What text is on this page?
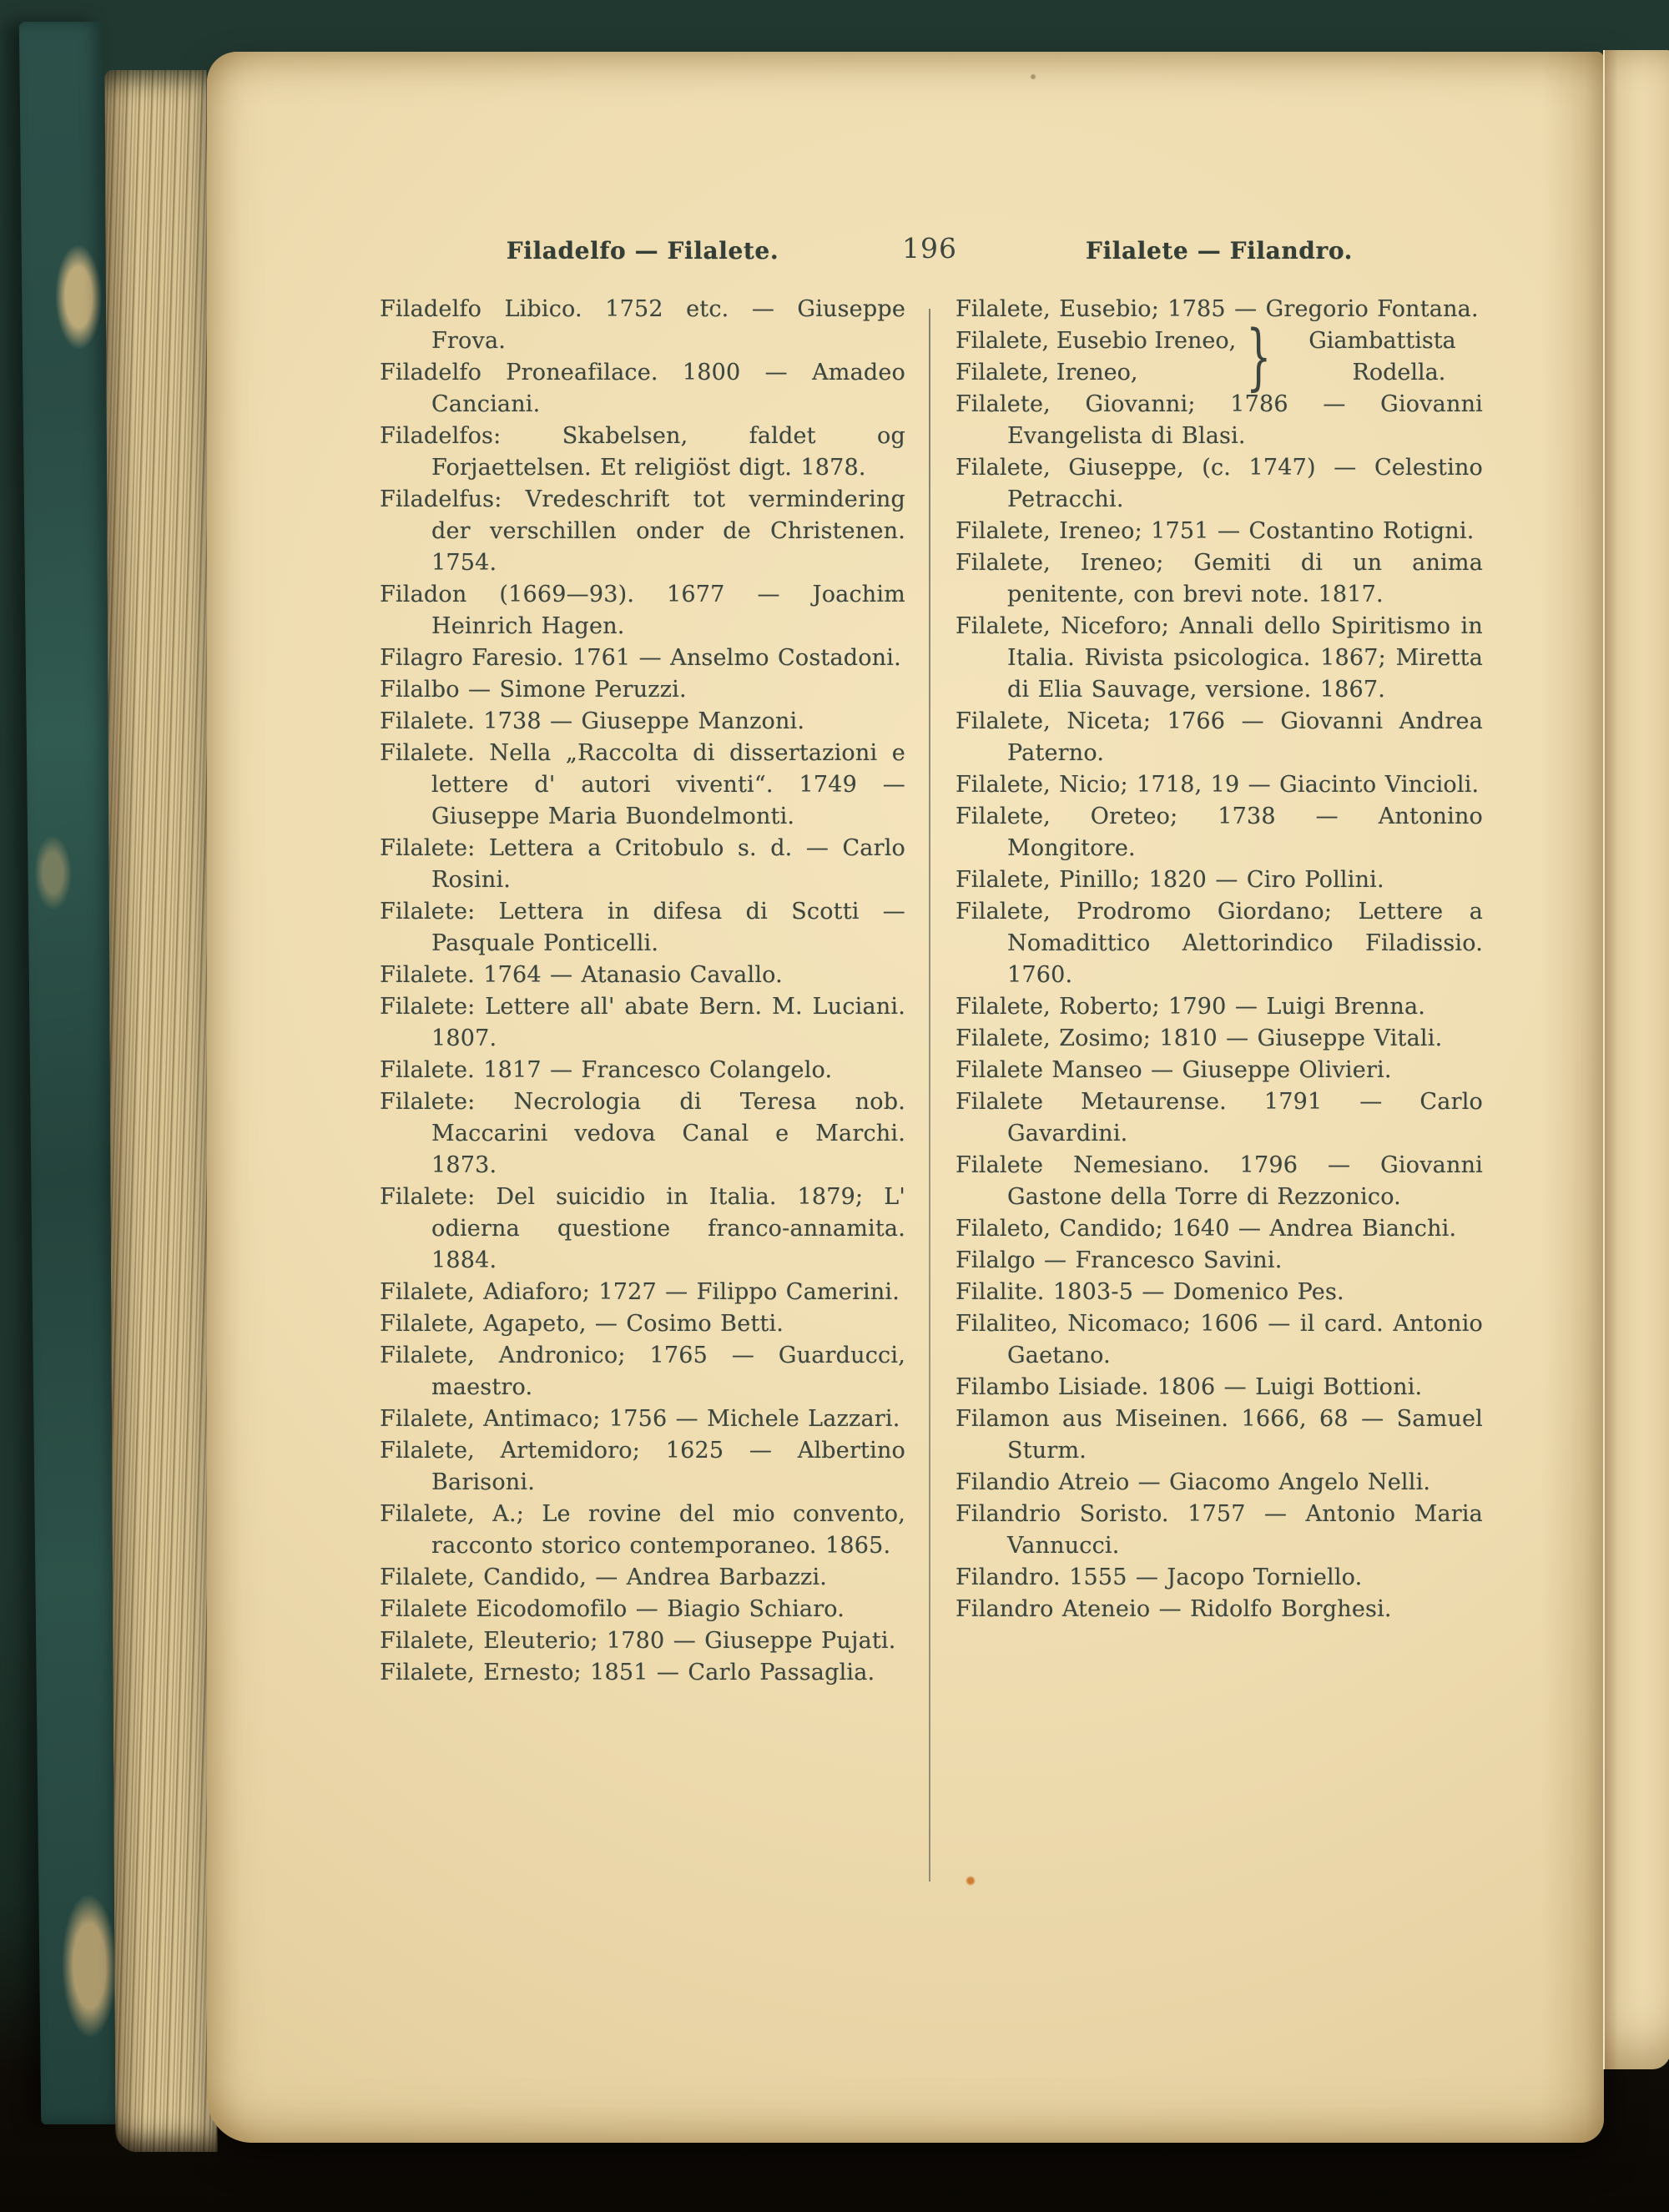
Filadelfo — Filalete.	196	Filalete — Filandro.

Filadelfo Libico. 1752 etc. — Giuseppe Frova.

Filadelfo Proneafilace. 1800 — Amadeo Canciani.

Filadelfos: Skabelsen, faldet og Forjaettelsen. Et religiöst digt. 1878.

Filadelfus: Vredeschrift tot vermindering der verschillen onder de Christenen. 1754.

Filadon (1669—93). 1677 — Joachim Heinrich Hagen.

Filagro Faresio. 1761 — Anselmo Costadoni.

Filalbo — Simone Peruzzi.

Filalete. 1738 — Giuseppe Manzoni.

Filalete. Nella „Raccolta di dissertazioni e lettere d' autori viventi“. 1749 — Giuseppe Maria Buondelmonti.

Filalete: Lettera a Critobulo s. d. — Carlo Rosini.

Filalete: Lettera in difesa di Scotti — Pasquale Ponticelli.

Filalete. 1764 — Atanasio Cavallo.

Filalete: Lettere all' abate Bern. M. Luciani. 1807.

Filalete. 1817 — Francesco Colangelo.

Filalete: Necrologia di Teresa nob. Maccarini vedova Canal e Marchi. 1873.

Filalete: Del suicidio in Italia. 1879; L' odierna questione franco-annamita. 1884.

Filalete, Adiaforo; 1727 — Filippo Camerini.

Filalete, Agapeto, — Cosimo Betti.

Filalete, Andronico; 1765 — Guarducci, maestro.

Filalete, Antimaco; 1756 — Michele Lazzari.

Filalete, Artemidoro; 1625 — Albertino Barisoni.

Filalete, A.; Le rovine del mio convento, racconto storico contemporaneo. 1865.

Filalete, Candido, — Andrea Barbazzi.

Filalete Eicodomofilo — Biagio Schiaro.

Filalete, Eleuterio; 1780 — Giuseppe Pujati.

Filalete, Ernesto; 1851 — Carlo Passaglia.

Filalete, Eusebio; 1785 — Gregorio Fontana.

Filalete, Eusebio Ireneo,
Filalete, Ireneo,	}	Giambattista
Rodella.

Filalete, Giovanni; 1786 — Giovanni Evangelista di Blasi.

Filalete, Giuseppe, (c. 1747) — Celestino Petracchi.

Filalete, Ireneo; 1751 — Costantino Rotigni.

Filalete, Ireneo; Gemiti di un anima penitente, con brevi note. 1817.

Filalete, Niceforo; Annali dello Spiritismo in Italia. Rivista psicologica. 1867; Miretta di Elia Sauvage, versione. 1867.

Filalete, Niceta; 1766 — Giovanni Andrea Paterno.

Filalete, Nicio; 1718, 19 — Giacinto Vincioli.

Filalete, Oreteo; 1738 — Antonino Mongitore.

Filalete, Pinillo; 1820 — Ciro Pollini.

Filalete, Prodromo Giordano; Lettere a Nomadittico Alettorindico Filadissio. 1760.

Filalete, Roberto; 1790 — Luigi Brenna.

Filalete, Zosimo; 1810 — Giuseppe Vitali.

Filalete Manseo — Giuseppe Olivieri.

Filalete Metaurense. 1791 — Carlo Gavardini.

Filalete Nemesiano. 1796 — Giovanni Gastone della Torre di Rezzonico.

Filaleto, Candido; 1640 — Andrea Bianchi.

Filalgo — Francesco Savini.

Filalite. 1803-5 — Domenico Pes.

Filaliteo, Nicomaco; 1606 — il card. Antonio Gaetano.

Filambo Lisiade. 1806 — Luigi Bottioni.

Filamon aus Miseinen. 1666, 68 — Samuel Sturm.

Filandio Atreio — Giacomo Angelo Nelli.

Filandrio Soristo. 1757 — Antonio Maria Vannucci.

Filandro. 1555 — Jacopo Torniello.

Filandro Ateneio — Ridolfo Borghesi.
